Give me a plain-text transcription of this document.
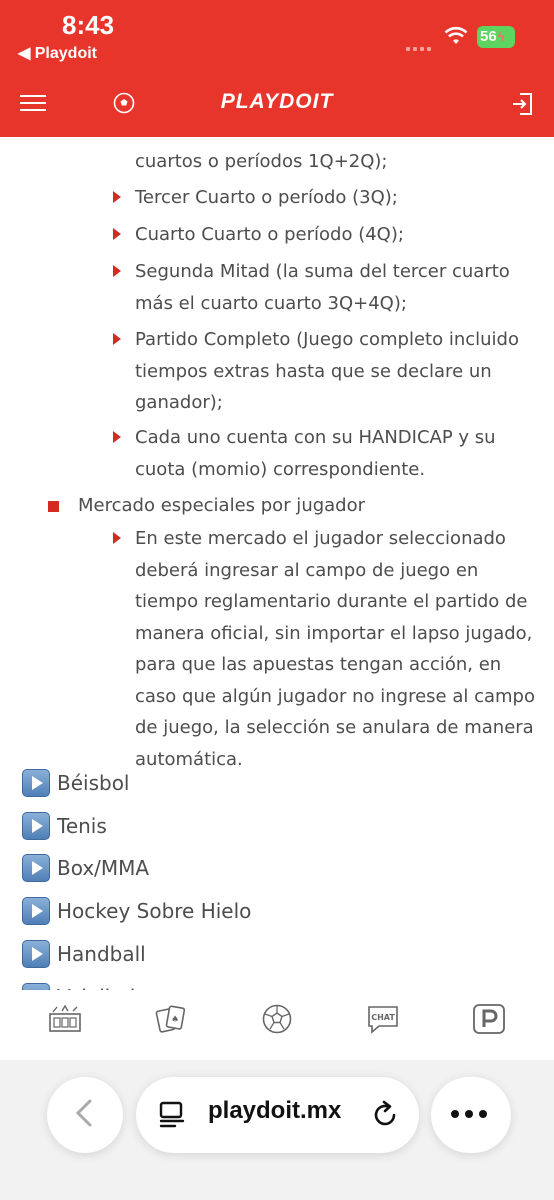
8:43
◀ Playdoit
56ϟ
PLAYDOIT
cuartos o períodos 1Q+2Q);
Tercer Cuarto o período (3Q);
Cuarto Cuarto o período (4Q);
Segunda Mitad (la suma del tercer cuarto más el cuarto cuarto 3Q+4Q);
Partido Completo (Juego completo incluido tiempos extras hasta que se declare un ganador);
Cada uno cuenta con su HANDICAP y su cuota (momio) correspondiente.
Mercado especiales por jugador
En este mercado el jugador seleccionado deberá ingresar al campo de juego en tiempo reglamentario durante el partido de manera oficial, sin importar el lapso jugado, para que las apuestas tengan acción, en caso que algún jugador no ingrese al campo de juego, la selección se anulara de manera automática.
Béisbol
Tenis
Box/MMA
Hockey Sobre Hielo
Handball
♠	CHAT
playdoit.mx
